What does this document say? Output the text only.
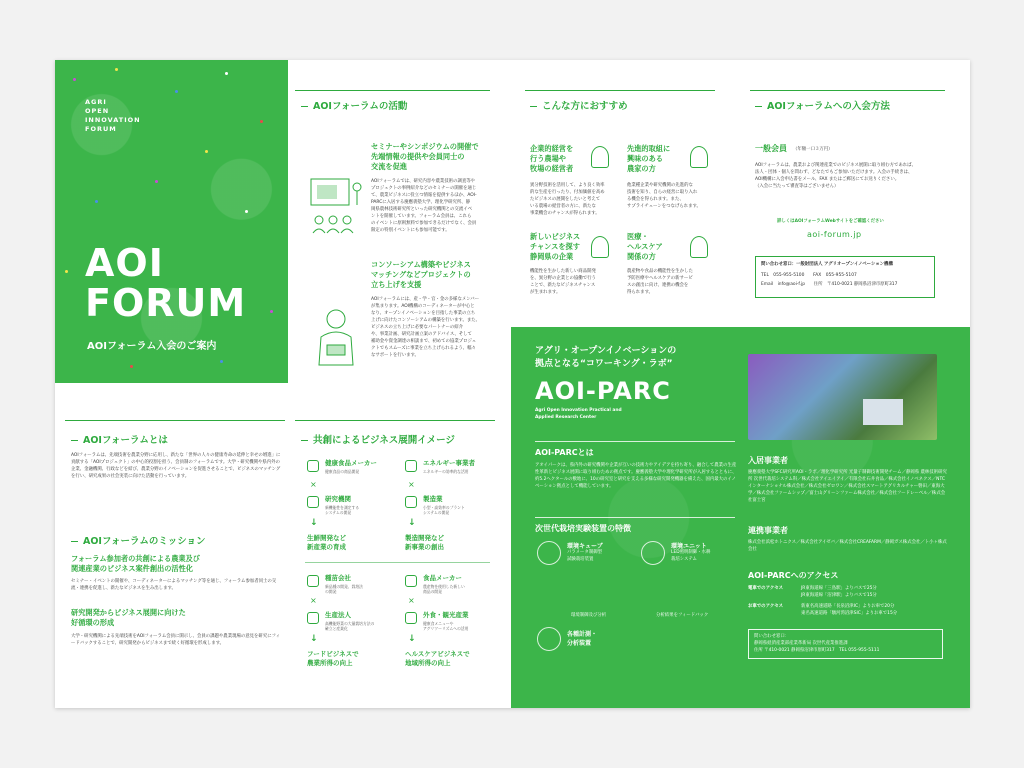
AGRI
OPEN
INNOVATION
FORUM
AOI
FORUM
AOIフォーラム入会のご案内
AOIフォーラムの活動
セミナーやシンポジウムの開催で
先端情報の提供や会員同士の
交流を促進
AOIフォーラムでは、研究内容や農業技術の調査等や
プロジェクトの事例紹介などのセミナーの開催を通じ
て、農業ビジネスに役立つ情報を提供するほか、AOI-
PARCに入居する慶應義塾大学、理化学研究所、静
岡県農林技術研究所といった研究機関との交流イベ
ントを開催しています。フォーラム会員は、これら
のイベントに原則無料で参加できるだけでなく、会員
限定の特別イベントにも参加可能です。
コンソーシアム構築やビジネス
マッチングなどプロジェクトの
立ち上げを支援
AOIフォーラムには、産・学・官・金の多様なメンバー
が集まります。AOI機構のコーディネーターが中心と
なり、オープンイノベーションを目指した事業の立ち
上げに向けたコンソーシアムの構築を行います。また、
ビジネスの立ち上げに必要なパートナーの紹介
や、事業計画、研究計画立案のアドバイス、そして
補助金や資金調達の相談まで、初めての協業プロジェ
クトでもスムーズに事業を立ち上げられるよう、幅々
なサポートを行います。
こんな方におすすめ
企業的経営を
行う農場や
牧場の経営者
異分野技術を活用して、より良く効率
的な生産を行ったり、付加価値を高め
たビジネスの展開をしたいと考えて
いる農場の経営者の方に、新たな
事業機会のチャンスが得られます。
先進的取組に
興味のある
農家の方
他業種企業や研究機関の先進的な
技術を知り、自らの経営に取り入れ
る機会を得られます。また、
サプライチェーンをつなげられます。
新しいビジネス
チャンスを探す
静岡県の企業
機能性を生かした新しい商品開発
を、異分野の企業との協働で行う
ことで、新たなビジネスチャンス
が生まれます。
医療・
ヘルスケア
関係の方
農産物や食品の機能性を生かした
予防医療やヘルスケアの新サービ
スの創出に向け、連携の機会を
得られます。
AOIフォーラムへの入会方法
一般会員 （年額一口３万円）
AOIフォーラムは、農業および関連産業でのビジネス展開に取り組む方であれば、
法人・団体・個人を問わず、どなたでもご参加いただけます。入会の手続きは、
AOI機構に入会申込書をメール、FAX またはご郵送にてお送りください。
（入会に当たって審査等はございません）
詳しくはAOIフォーラムWebサイトをご確認ください
aoi-forum.jp
問い合わせ窓口：一般財団法人 アグリオープンイノベーション機構
TEL　055-955-5100　　FAX　055-955-5107
Email　info@aoi-f.jp　　住所　〒410-0021 静岡県沼津市原町317
AOIフォーラムとは
AOIフォーラムは、先端技術を農業分野に応用し、新たな「世界の人々の健康寿命の延伸と幸せの増進」に貢献する「AOIプロジェクト」の中心的役割を担う、会員制のフォーラムです。大学・研究機関や県内外の企業、金融機関、行政などを結び、農業分野のイノベーションを促進させることで、ビジネスのマッチングを行い、研究成果の社会実装に向けた活動を行っています。
AOIフォーラムのミッション
フォーラム参加者の共創による農業及び
関連産業のビジネス案件創出の活性化
セミナー・イベントの開催や、コーディネーターによるマッチング等を通じ、フォーラム参加者同士の交流・連携を促進し、新たなビジネスを生み出します。
研究開発からビジネス展開に向けた
好循環の形成
大学・研究機関による先端技術をAOIフォーラム会員に開示し、会員の課題や農業現場の意見を研究にフィードバックすることで、研究開発からビジネスまで続く好循環を形成します。
共創によるビジネス展開イメージ
健康食品メーカー
健康食品の商品開発
×
研究機関
新機能性を測定する
システムの開発
↓
生鮮開発など
新産業の育成
エネルギー事業者
エネルギーの効率的な活用
×
製造業
小型・高効率のプラント
システムの開発
↓
製造開発など
新事業の創出
種苗会社
新品種の開発、栽培法
の開発
×
生産法人
高機能野菜の大量栽培方法の
確立と産業化
↓
フードビジネスで
農業所得の向上
食品メーカー
農産物を使用した新しい
商品の開発
×
外食・観光産業
健康食メニューや
アグリツーリズムへの活用
↓
ヘルスケアビジネスで
地域所得の向上
アグリ・オープンイノベーションの
拠点となる“コワーキング・ラボ”
AOI-PARC
Agri Open Innovation Practical and
Applied Research Center
AOI-PARCとは
アオイパークは、県内外の研究機関や企業が互いの技術力やアイデアを持ち寄り、融合して農業の生産性革新とビジネス展開に取り組むための拠点です。慶應義塾大学や理化学研究所が入居するとともに、約5.2ヘクタールの敷地に、10の研究室と研究を支える多様な研究開発機器を備えた、国内最大のイノベーション拠点として機能しています。
次世代栽培実験装置の特徴
環境キューブ
パラメータ制御型
試験栽培装置
環境ユニット
LED照明制御・水耕
栽培システム
環境制御及び分析	分析結果をフィードバック
各種計測・
分析装置
入居事業者
慶應義塾大学SFC研究所AOI・ラボ／理化学研究所 光量子制御技術開発チーム／静岡県 農林技術研究所 次世代栽培システム科／株式会社アイエイアイ／有限会社石井食品／株式会社イノベネクス／NTCインターナショナル株式会社／株式会社ゼロワン／株式会社スマートアグリカルチャー磐田／東海大学／株式会社ファームシップ／富士山グリーンファーム株式会社／株式会社フードレーベル／株式会社富士宮
連携事業者
株式会社浜松ホトニクス／株式会社アイゼバ／株式会社CREAFARM／静岡ガス株式会社／ト小ヶ株式会社
AOI-PARCへのアクセス
電車でのアクセス	JR東海道線「三島駅」よりバスで25分
JR東海道線「沼津駅」よりバスで15分
お車でのアクセス	新東名高速道路「長泉沼津IC」よりお車で20分
東名高速道路「駿河湾沼津SIC」よりお車で15分
問い合わせ窓口：
静岡県経済産業部産業革新局 次世代産業推進課
住所 〒410-0021 静岡県沼津市原町317　TEL 055-955-5111
